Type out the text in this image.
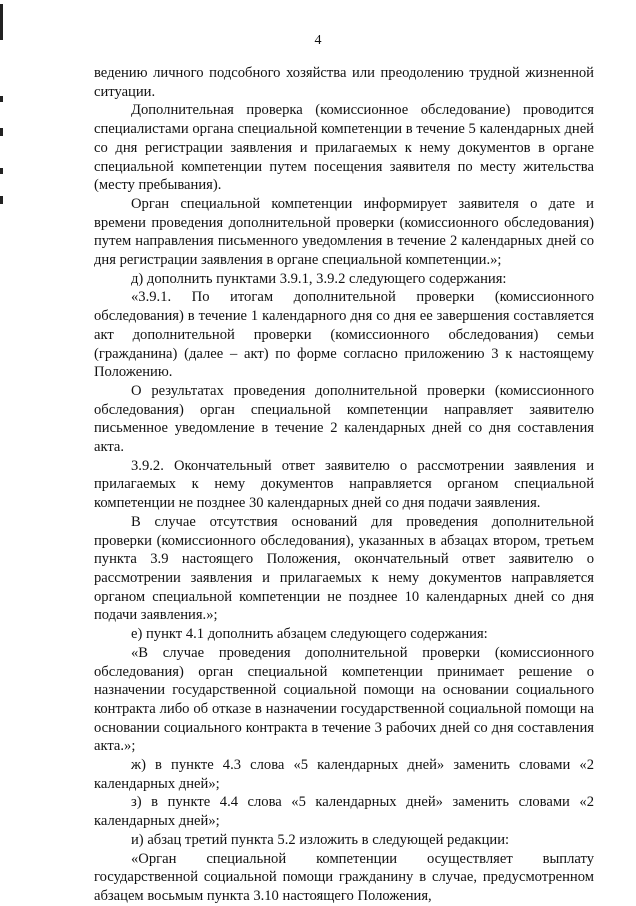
4

ведению личного подсобного хозяйства или преодолению трудной жизненной ситуации.

Дополнительная проверка (комиссионное обследование) проводится специалистами органа специальной компетенции в течение 5 календарных дней со дня регистрации заявления и прилагаемых к нему документов в органе специальной компетенции путем посещения заявителя по месту жительства (месту пребывания).

Орган специальной компетенции информирует заявителя о дате и времени проведения дополнительной проверки (комиссионного обследования) путем направления письменного уведомления в течение 2 календарных дней со дня регистрации заявления в органе специальной компетенции.»;

д) дополнить пунктами 3.9.1, 3.9.2 следующего содержания:

«3.9.1. По итогам дополнительной проверки (комиссионного обследования) в течение 1 календарного дня со дня ее завершения составляется акт дополнительной проверки (комиссионного обследования) семьи (гражданина) (далее – акт) по форме согласно приложению 3 к настоящему Положению.

О результатах проведения дополнительной проверки (комиссионного обследования) орган специальной компетенции направляет заявителю письменное уведомление в течение 2 календарных дней со дня составления акта.

3.9.2. Окончательный ответ заявителю о рассмотрении заявления и прилагаемых к нему документов направляется органом специальной компетенции не позднее 30 календарных дней со дня подачи заявления.

В случае отсутствия оснований для проведения дополнительной проверки (комиссионного обследования), указанных в абзацах втором, третьем пункта 3.9 настоящего Положения, окончательный ответ заявителю о рассмотрении заявления и прилагаемых к нему документов направляется органом специальной компетенции не позднее 10 календарных дней со дня подачи заявления.»;

е) пункт 4.1 дополнить абзацем следующего содержания:

«В случае проведения дополнительной проверки (комиссионного обследования) орган специальной компетенции принимает решение о назначении государственной социальной помощи на основании социального контракта либо об отказе в назначении государственной социальной помощи на основании социального контракта в течение 3 рабочих дней со дня составления акта.»;

ж) в пункте 4.3 слова «5 календарных дней» заменить словами «2 календарных дней»;

з) в пункте 4.4 слова «5 календарных дней» заменить словами «2 календарных дней»;

и) абзац третий пункта 5.2 изложить в следующей редакции:

«Орган специальной компетенции осуществляет выплату государственной социальной помощи гражданину в случае, предусмотренном абзацем восьмым пункта 3.10 настоящего Положения,
